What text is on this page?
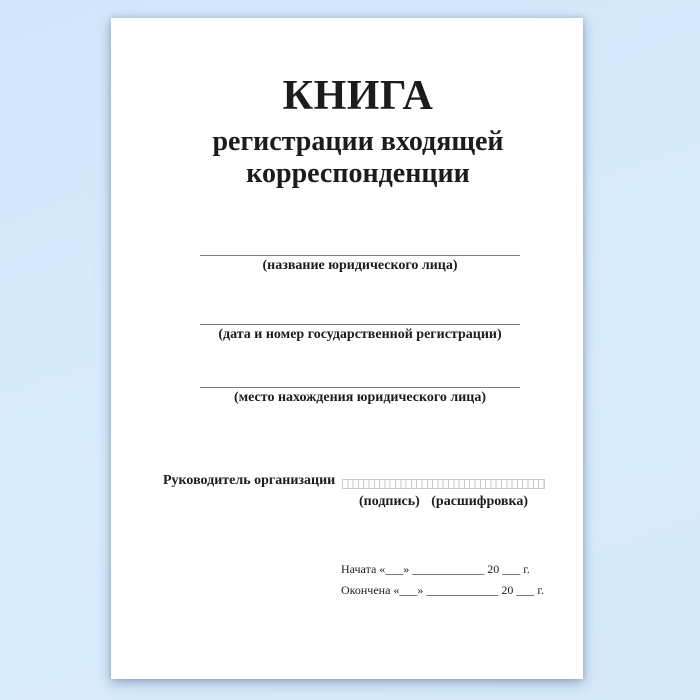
КНИГА
регистрации входящей
корреспонденции
(название юридического лица)
(дата и номер государственной регистрации)
(место нахождения юридического лица)
Руководитель организации
(подпись) (расшифровка)
Начата «___» ____________ 20 ___ г.
Окончена «___» ____________ 20 ___ г.
